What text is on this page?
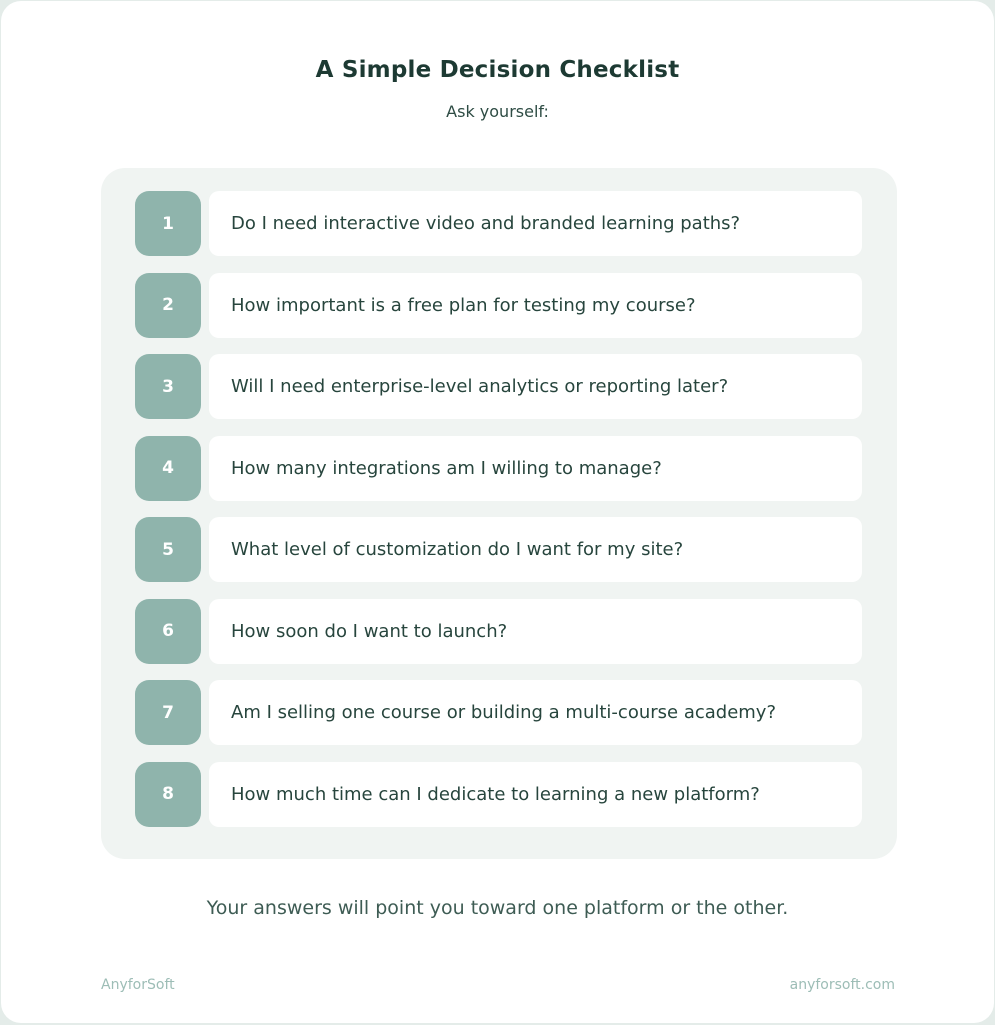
A Simple Decision Checklist
Ask yourself:
1	Do I need interactive video and branded learning paths?
2	How important is a free plan for testing my course?
3	Will I need enterprise-level analytics or reporting later?
4	How many integrations am I willing to manage?
5	What level of customization do I want for my site?
6	How soon do I want to launch?
7	Am I selling one course or building a multi-course academy?
8	How much time can I dedicate to learning a new platform?
Your answers will point you toward one platform or the other.
AnyforSoft	anyforsoft.com
